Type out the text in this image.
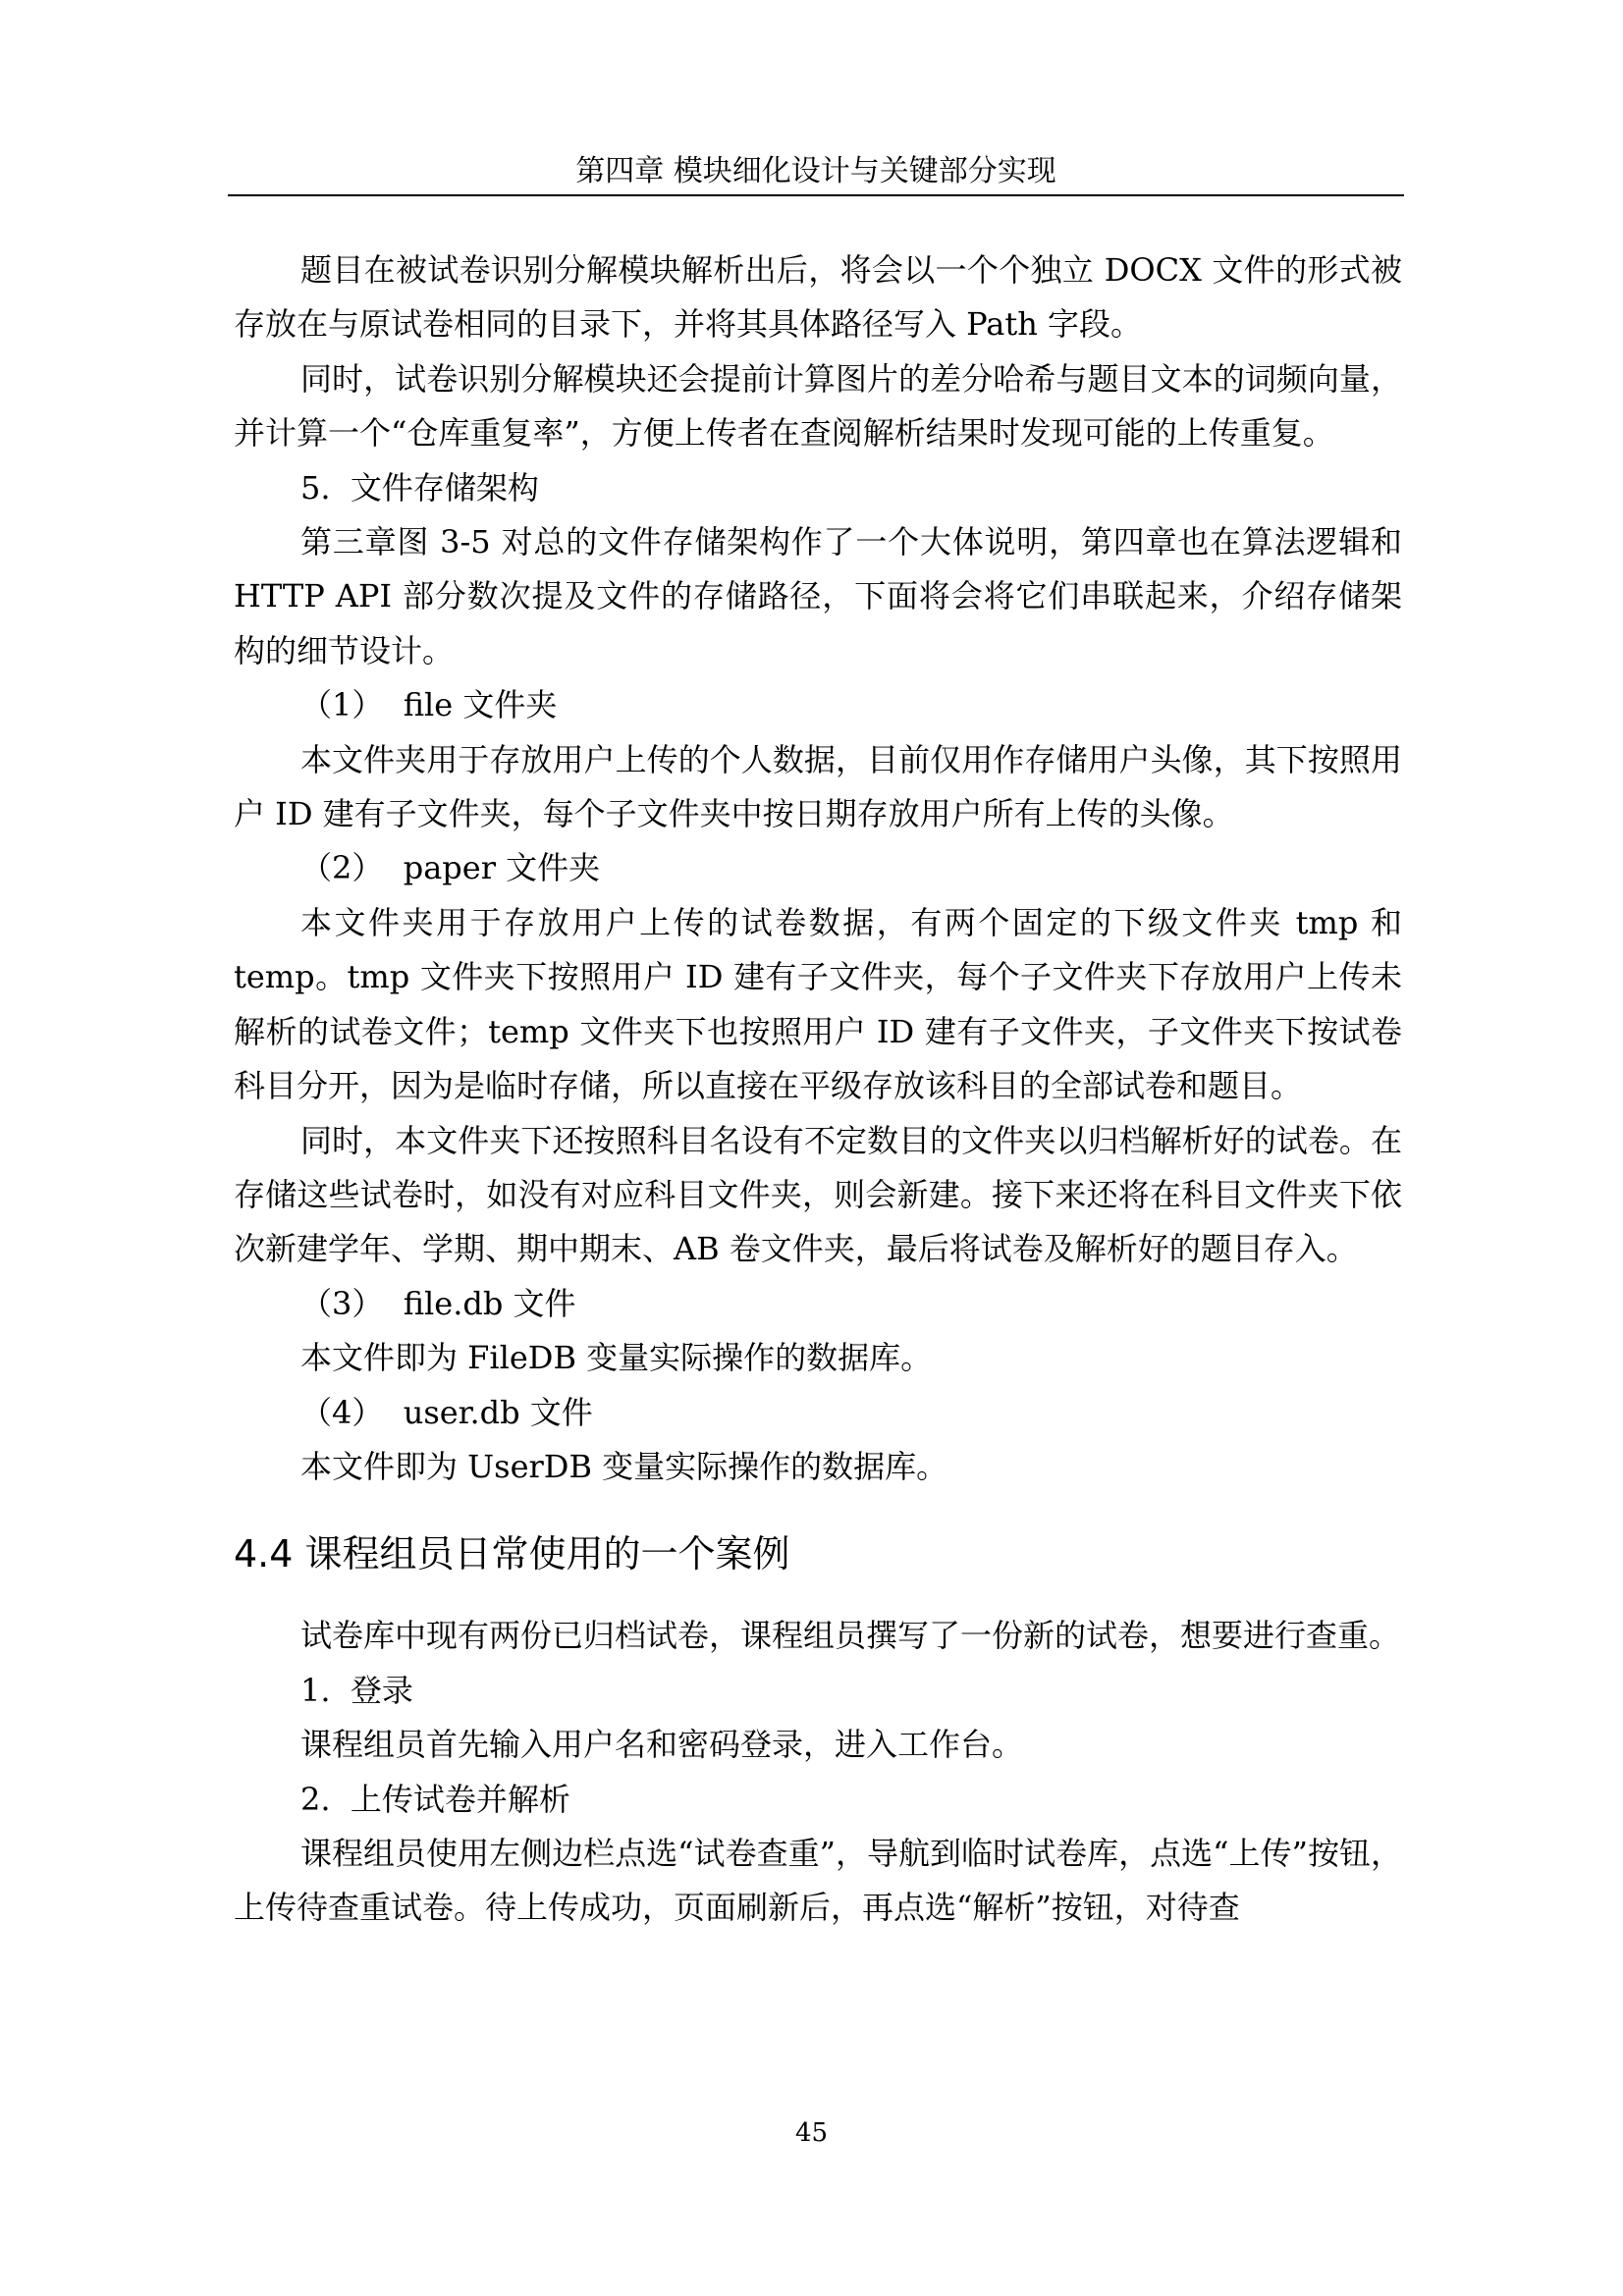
第四章 模块细化设计与关键部分实现

题目在被试卷识别分解模块解析出后，将会以一个个独立 DOCX 文件的形式被存放在与原试卷相同的目录下，并将其具体路径写入 Path 字段。

同时，试卷识别分解模块还会提前计算图片的差分哈希与题目文本的词频向量，并计算一个“仓库重复率”，方便上传者在查阅解析结果时发现可能的上传重复。

5.  文件存储架构

第三章图 3-5 对总的文件存储架构作了一个大体说明，第四章也在算法逻辑和 HTTP API 部分数次提及文件的存储路径，下面将会将它们串联起来，介绍存储架构的细节设计。

（1）  file 文件夹

本文件夹用于存放用户上传的个人数据，目前仅用作存储用户头像，其下按照用户 ID 建有子文件夹，每个子文件夹中按日期存放用户所有上传的头像。

（2）  paper 文件夹

本文件夹用于存放用户上传的试卷数据，有两个固定的下级文件夹 tmp 和 temp。tmp 文件夹下按照用户 ID 建有子文件夹，每个子文件夹下存放用户上传未解析的试卷文件；temp 文件夹下也按照用户 ID 建有子文件夹，子文件夹下按试卷科目分开，因为是临时存储，所以直接在平级存放该科目的全部试卷和题目。

同时，本文件夹下还按照科目名设有不定数目的文件夹以归档解析好的试卷。在存储这些试卷时，如没有对应科目文件夹，则会新建。接下来还将在科目文件夹下依次新建学年、学期、期中期末、AB 卷文件夹，最后将试卷及解析好的题目存入。

（3）  file.db 文件

本文件即为 FileDB 变量实际操作的数据库。

（4）  user.db 文件

本文件即为 UserDB 变量实际操作的数据库。

4.4 课程组员日常使用的一个案例

试卷库中现有两份已归档试卷，课程组员撰写了一份新的试卷，想要进行查重。

1.  登录

课程组员首先输入用户名和密码登录，进入工作台。

2.  上传试卷并解析

课程组员使用左侧边栏点选“试卷查重”，导航到临时试卷库，点选“上传”按钮，上传待查重试卷。待上传成功，页面刷新后，再点选“解析”按钮，对待查

45
